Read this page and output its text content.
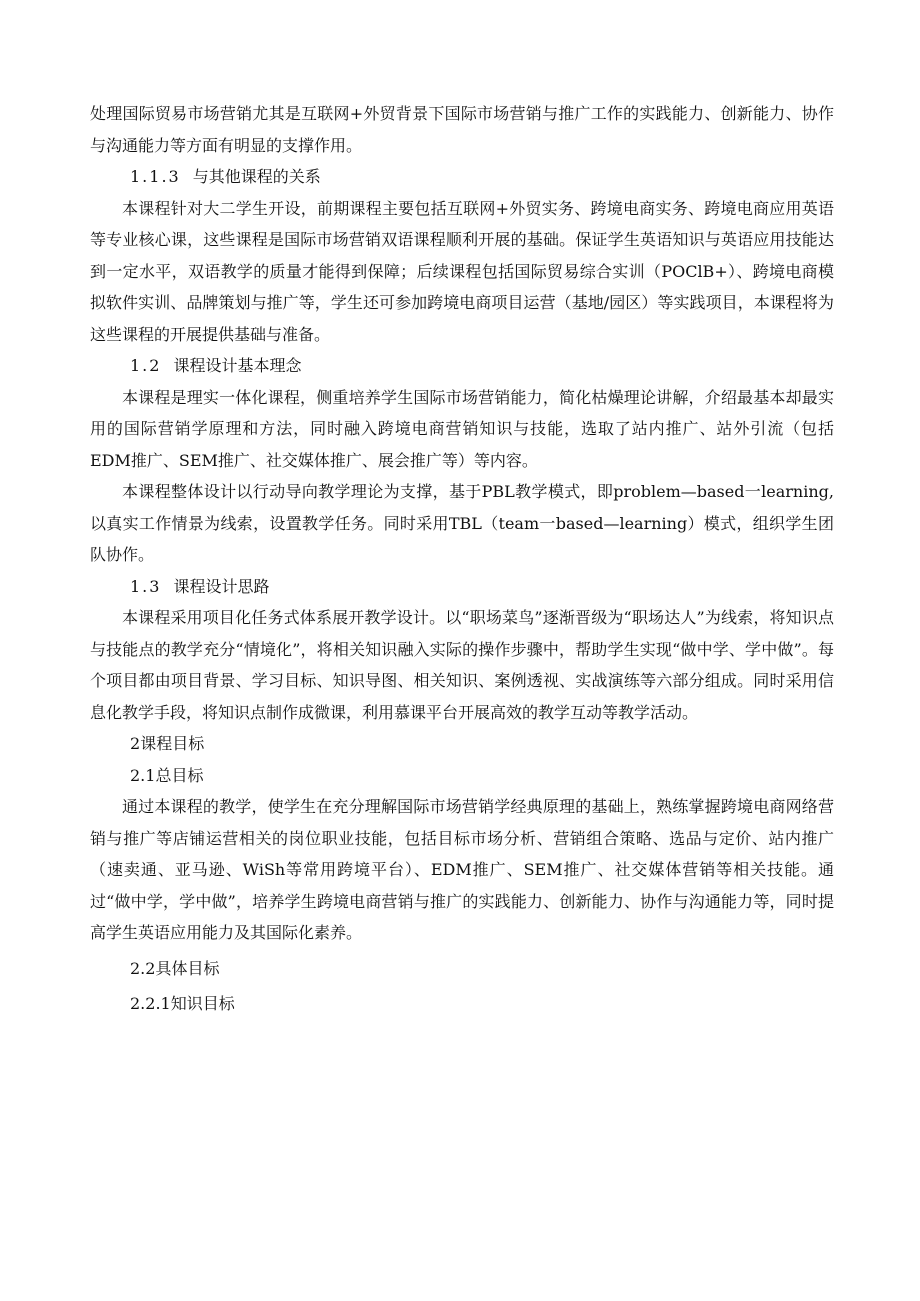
处理国际贸易市场营销尤其是互联网+外贸背景下国际市场营销与推广工作的实践能力、创新能力、协作与沟通能力等方面有明显的支撑作用。

1.1.3 与其他课程的关系

本课程针对大二学生开设，前期课程主要包括互联网+外贸实务、跨境电商实务、跨境电商应用英语等专业核心课，这些课程是国际市场营销双语课程顺利开展的基础。保证学生英语知识与英语应用技能达到一定水平，双语教学的质量才能得到保障；后续课程包括国际贸易综合实训（POClB+）、跨境电商模拟软件实训、品牌策划与推广等，学生还可参加跨境电商项目运营（基地/园区）等实践项目，本课程将为这些课程的开展提供基础与准备。

1.2 课程设计基本理念

本课程是理实一体化课程，侧重培养学生国际市场营销能力，简化枯燥理论讲解，介绍最基本却最实用的国际营销学原理和方法，同时融入跨境电商营销知识与技能，选取了站内推广、站外引流（包括EDM推广、SEM推广、社交媒体推广、展会推广等）等内容。

本课程整体设计以行动导向教学理论为支撑，基于PBL教学模式，即problem—based一learning,以真实工作情景为线索，设置教学任务。同时采用TBL（team一based—learning）模式，组织学生团队协作。

1.3 课程设计思路

本课程采用项目化任务式体系展开教学设计。以“职场菜鸟”逐渐晋级为“职场达人”为线索，将知识点与技能点的教学充分“情境化”，将相关知识融入实际的操作步骤中，帮助学生实现“做中学、学中做”。每个项目都由项目背景、学习目标、知识导图、相关知识、案例透视、实战演练等六部分组成。同时采用信息化教学手段，将知识点制作成微课，利用慕课平台开展高效的教学互动等教学活动。

2课程目标

2.1总目标

通过本课程的教学，使学生在充分理解国际市场营销学经典原理的基础上，熟练掌握跨境电商网络营销与推广等店铺运营相关的岗位职业技能，包括目标市场分析、营销组合策略、选品与定价、站内推广（速卖通、亚马逊、WiSh等常用跨境平台）、EDM推广、SEM推广、社交媒体营销等相关技能。通过“做中学，学中做”，培养学生跨境电商营销与推广的实践能力、创新能力、协作与沟通能力等，同时提高学生英语应用能力及其国际化素养。

2.2具体目标

2.2.1知识目标
